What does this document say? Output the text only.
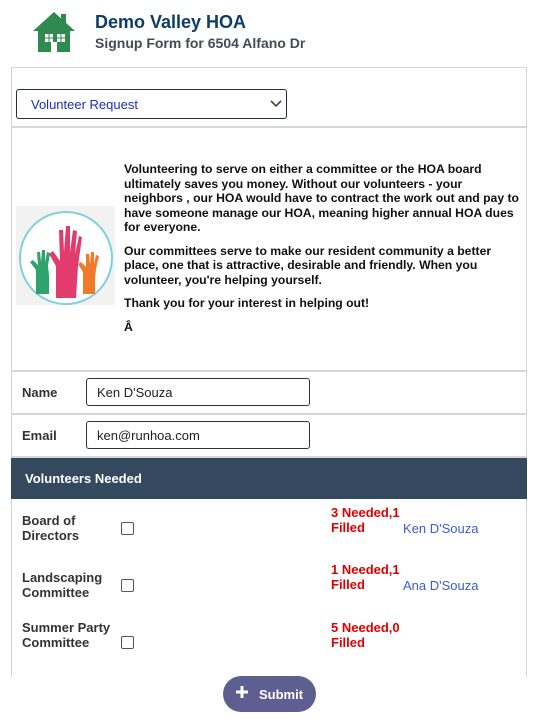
Demo Valley HOA
Signup Form for 6504 Alfano Dr
Volunteer Request

Volunteering to serve on either a committee or the HOA board ultimately saves you money. Without our volunteers - your neighbors , our HOA would have to contract the work out and pay to have someone manage our HOA, meaning higher annual HOA dues for everyone.

Our committees serve to make our resident community a better place, one that is attractive, desirable and friendly. When you volunteer, you're helping yourself.

Thank you for your interest in helping out!

Â

Name
Ken D'Souza
Email
ken@runhoa.com
Volunteers Needed
Board of Directors
3 Needed,1 Filled	Ken D'Souza
Landscaping Committee
1 Needed,1 Filled	Ana D'Souza
Summer Party Committee
5 Needed,0 Filled
Submit
